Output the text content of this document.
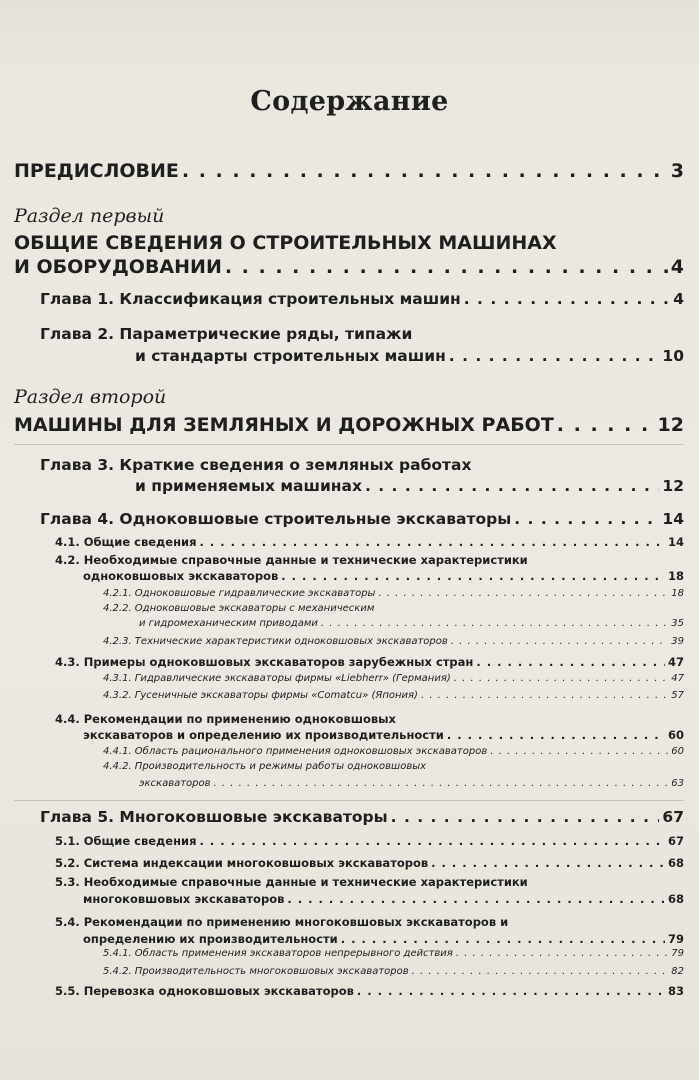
Содержание
ПРЕДИСЛОВИЕ . . .	3
Раздел первый
ОБЩИЕ СВЕДЕНИЯ О СТРОИТЕЛЬНЫХ МАШИНАХ
И ОБОРУДОВАНИИ . . .	4
Глава 1. Классификация строительных машин . . .	4
Глава 2. Параметрические ряды, типажи
и стандарты строительных машин . . .	10
Раздел второй
МАШИНЫ ДЛЯ ЗЕМЛЯНЫХ И ДОРОЖНЫХ РАБОТ . . .	12
Глава 3. Краткие сведения о земляных работах
и применяемых машинах . . .	12
Глава 4. Одноковшовые строительные экскаваторы . . .	14
4.1. Общие сведения . . .	14
4.2. Необходимые справочные данные и технические характеристики
одноковшовых экскаваторов . . .	18
4.2.1. Одноковшовые гидравлические экскаваторы . . .	18
4.2.2. Одноковшовые экскаваторы с механическим
и гидромеханическим приводами . . .	35
4.2.3. Технические характеристики одноковшовых экскаваторов . . .	39
4.3. Примеры одноковшовых экскаваторов зарубежных стран . . .	47
4.3.1. Гидравлические экскаваторы фирмы «Liebherr» (Германия) . . .	47
4.3.2. Гусеничные экскаваторы фирмы «Comatcu» (Япония) . . .	57
4.4. Рекомендации по применению одноковшовых
экскаваторов и определению их производительности . . .	60
4.4.1. Область рационального применения одноковшовых экскаваторов . . .	60
4.4.2. Производительность и режимы работы одноковшовых
экскаваторов . . .	63
Глава 5. Многоковшовые экскаваторы . . .	67
5.1. Общие сведения . . .	67
5.2. Система индексации многоковшовых экскаваторов . . .	68
5.3. Необходимые справочные данные и технические характеристики
многоковшовых экскаваторов . . .	68
5.4. Рекомендации по применению многоковшовых экскаваторов и
определению их производительности . . .	79
5.4.1. Область применения экскаваторов непрерывного действия . . .	79
5.4.2. Производительность многоковшовых экскаваторов . . .	82
5.5. Перевозка одноковшовых экскаваторов . . .	83
